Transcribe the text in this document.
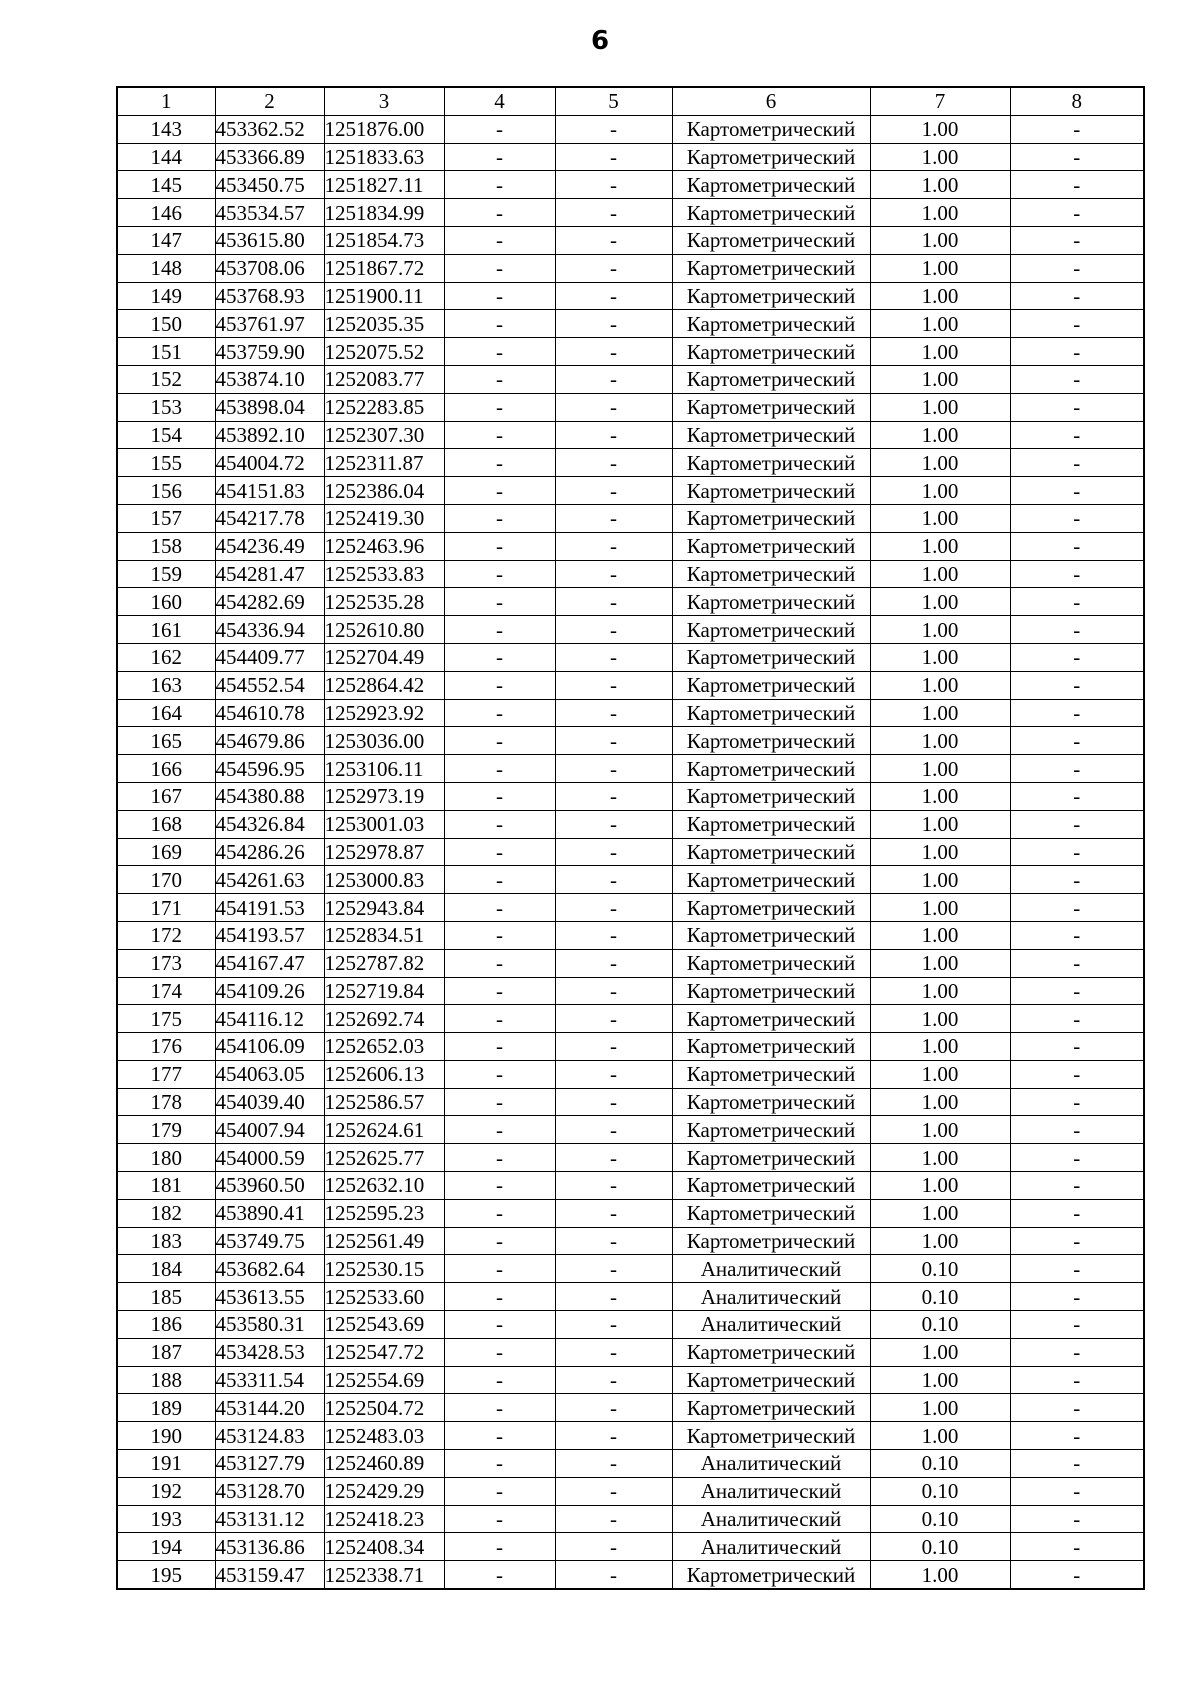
6
1	2	3	4	5	6	7	8
143	453362.52	1251876.00	-	-	Картометрический	1.00	-
144	453366.89	1251833.63	-	-	Картометрический	1.00	-
145	453450.75	1251827.11	-	-	Картометрический	1.00	-
146	453534.57	1251834.99	-	-	Картометрический	1.00	-
147	453615.80	1251854.73	-	-	Картометрический	1.00	-
148	453708.06	1251867.72	-	-	Картометрический	1.00	-
149	453768.93	1251900.11	-	-	Картометрический	1.00	-
150	453761.97	1252035.35	-	-	Картометрический	1.00	-
151	453759.90	1252075.52	-	-	Картометрический	1.00	-
152	453874.10	1252083.77	-	-	Картометрический	1.00	-
153	453898.04	1252283.85	-	-	Картометрический	1.00	-
154	453892.10	1252307.30	-	-	Картометрический	1.00	-
155	454004.72	1252311.87	-	-	Картометрический	1.00	-
156	454151.83	1252386.04	-	-	Картометрический	1.00	-
157	454217.78	1252419.30	-	-	Картометрический	1.00	-
158	454236.49	1252463.96	-	-	Картометрический	1.00	-
159	454281.47	1252533.83	-	-	Картометрический	1.00	-
160	454282.69	1252535.28	-	-	Картометрический	1.00	-
161	454336.94	1252610.80	-	-	Картометрический	1.00	-
162	454409.77	1252704.49	-	-	Картометрический	1.00	-
163	454552.54	1252864.42	-	-	Картометрический	1.00	-
164	454610.78	1252923.92	-	-	Картометрический	1.00	-
165	454679.86	1253036.00	-	-	Картометрический	1.00	-
166	454596.95	1253106.11	-	-	Картометрический	1.00	-
167	454380.88	1252973.19	-	-	Картометрический	1.00	-
168	454326.84	1253001.03	-	-	Картометрический	1.00	-
169	454286.26	1252978.87	-	-	Картометрический	1.00	-
170	454261.63	1253000.83	-	-	Картометрический	1.00	-
171	454191.53	1252943.84	-	-	Картометрический	1.00	-
172	454193.57	1252834.51	-	-	Картометрический	1.00	-
173	454167.47	1252787.82	-	-	Картометрический	1.00	-
174	454109.26	1252719.84	-	-	Картометрический	1.00	-
175	454116.12	1252692.74	-	-	Картометрический	1.00	-
176	454106.09	1252652.03	-	-	Картометрический	1.00	-
177	454063.05	1252606.13	-	-	Картометрический	1.00	-
178	454039.40	1252586.57	-	-	Картометрический	1.00	-
179	454007.94	1252624.61	-	-	Картометрический	1.00	-
180	454000.59	1252625.77	-	-	Картометрический	1.00	-
181	453960.50	1252632.10	-	-	Картометрический	1.00	-
182	453890.41	1252595.23	-	-	Картометрический	1.00	-
183	453749.75	1252561.49	-	-	Картометрический	1.00	-
184	453682.64	1252530.15	-	-	Аналитический	0.10	-
185	453613.55	1252533.60	-	-	Аналитический	0.10	-
186	453580.31	1252543.69	-	-	Аналитический	0.10	-
187	453428.53	1252547.72	-	-	Картометрический	1.00	-
188	453311.54	1252554.69	-	-	Картометрический	1.00	-
189	453144.20	1252504.72	-	-	Картометрический	1.00	-
190	453124.83	1252483.03	-	-	Картометрический	1.00	-
191	453127.79	1252460.89	-	-	Аналитический	0.10	-
192	453128.70	1252429.29	-	-	Аналитический	0.10	-
193	453131.12	1252418.23	-	-	Аналитический	0.10	-
194	453136.86	1252408.34	-	-	Аналитический	0.10	-
195	453159.47	1252338.71	-	-	Картометрический	1.00	-
